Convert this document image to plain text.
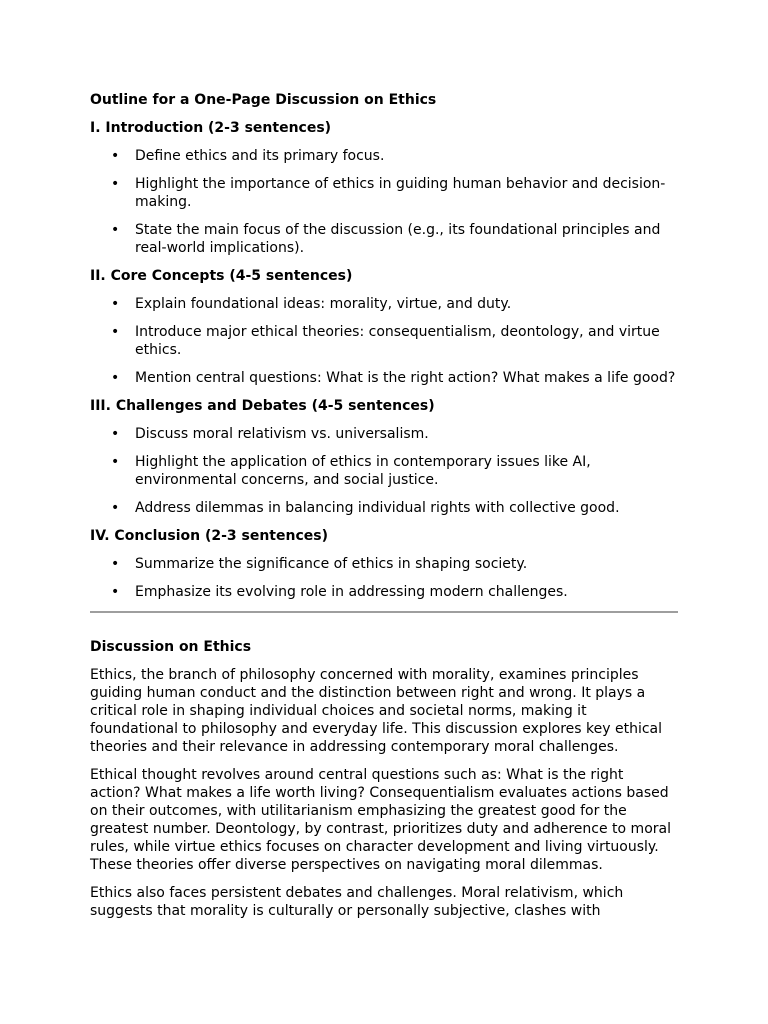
Outline for a One-Page Discussion on Ethics
I. Introduction (2-3 sentences)
• Define ethics and its primary focus.
• Highlight the importance of ethics in guiding human behavior and decision-making.
• State the main focus of the discussion (e.g., its foundational principles and real-world implications).
II. Core Concepts (4-5 sentences)
• Explain foundational ideas: morality, virtue, and duty.
• Introduce major ethical theories: consequentialism, deontology, and virtue ethics.
• Mention central questions: What is the right action? What makes a life good?
III. Challenges and Debates (4-5 sentences)
• Discuss moral relativism vs. universalism.
• Highlight the application of ethics in contemporary issues like AI, environmental concerns, and social justice.
• Address dilemmas in balancing individual rights with collective good.
IV. Conclusion (2-3 sentences)
• Summarize the significance of ethics in shaping society.
• Emphasize its evolving role in addressing modern challenges.
Discussion on Ethics

Ethics, the branch of philosophy concerned with morality, examines principles guiding human conduct and the distinction between right and wrong. It plays a critical role in shaping individual choices and societal norms, making it foundational to philosophy and everyday life. This discussion explores key ethical theories and their relevance in addressing contemporary moral challenges.

Ethical thought revolves around central questions such as: What is the right action? What makes a life worth living? Consequentialism evaluates actions based on their outcomes, with utilitarianism emphasizing the greatest good for the greatest number. Deontology, by contrast, prioritizes duty and adherence to moral rules, while virtue ethics focuses on character development and living virtuously. These theories offer diverse perspectives on navigating moral dilemmas.

Ethics also faces persistent debates and challenges. Moral relativism, which suggests that morality is culturally or personally subjective, clashes with
